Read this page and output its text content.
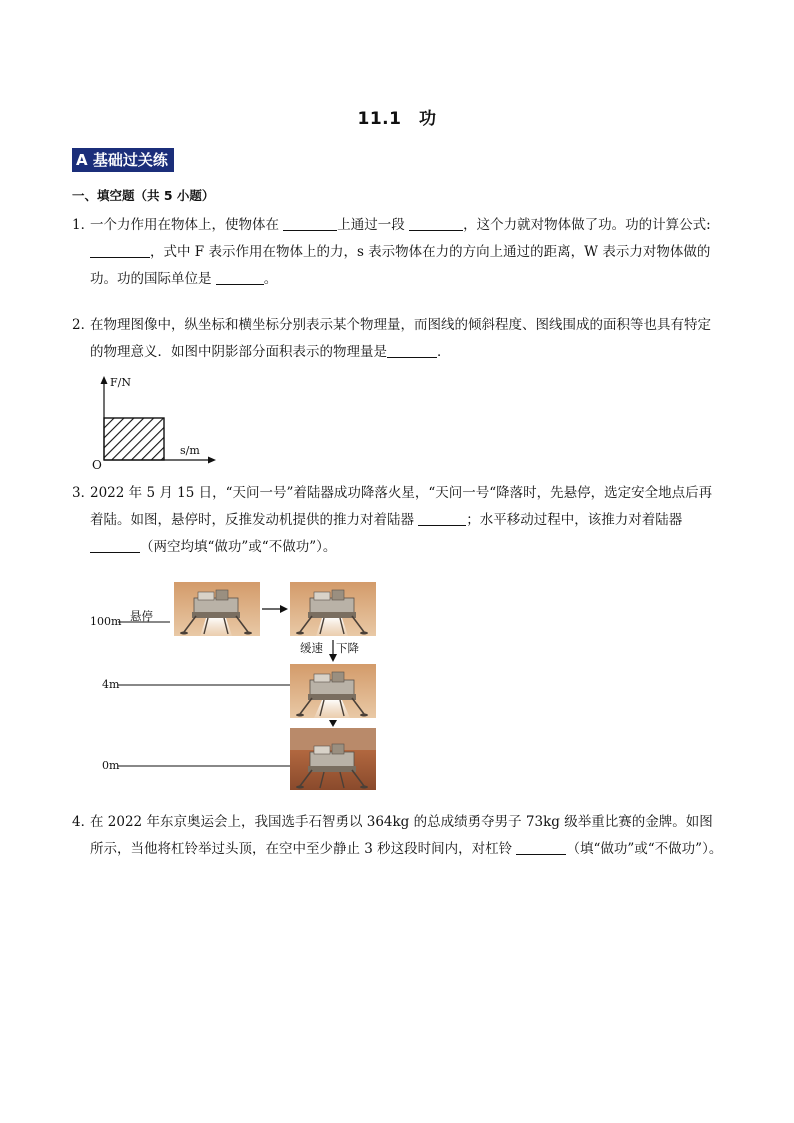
11.1　功
A 基础过关练
一、填空题（共 5 小题）
1．

一个力作用在物体上，使物体在	上通过一段	，这个力就对物体做了功。功的计算公式: ，式中 F 表示作用在物体上的力，s 表示物体在力的方向上通过的距离，W 表示力对物体做的功。功的国际单位是	。

2．

在物理图像中，纵坐标和横坐标分别表示某个物理量，而图线的倾斜程度、图线围成的面积等也具有特定的物理意义．如图中阴影部分面积表示的物理量是	．

F/N
s/m
O
3．

2022 年 5 月 15 日，“天问一号”着陆器成功降落火星，“天问一号“降落时，先悬停，选定安全地点后再着陆。如图，悬停时，反推发动机提供的推力对着陆器	；水平移动过程中，该推力对着陆器 （两空均填“做功”或“不做功”）。

100m 悬停
缓速 下降
4m
0m
4．

在 2022 年东京奥运会上，我国选手石智勇以 364kg 的总成绩勇夺男子 73kg 级举重比赛的金牌。如图所示，当他将杠铃举过头顶，在空中至少静止 3 秒这段时间内，对杠铃	（填“做功”或“不做功”）。
